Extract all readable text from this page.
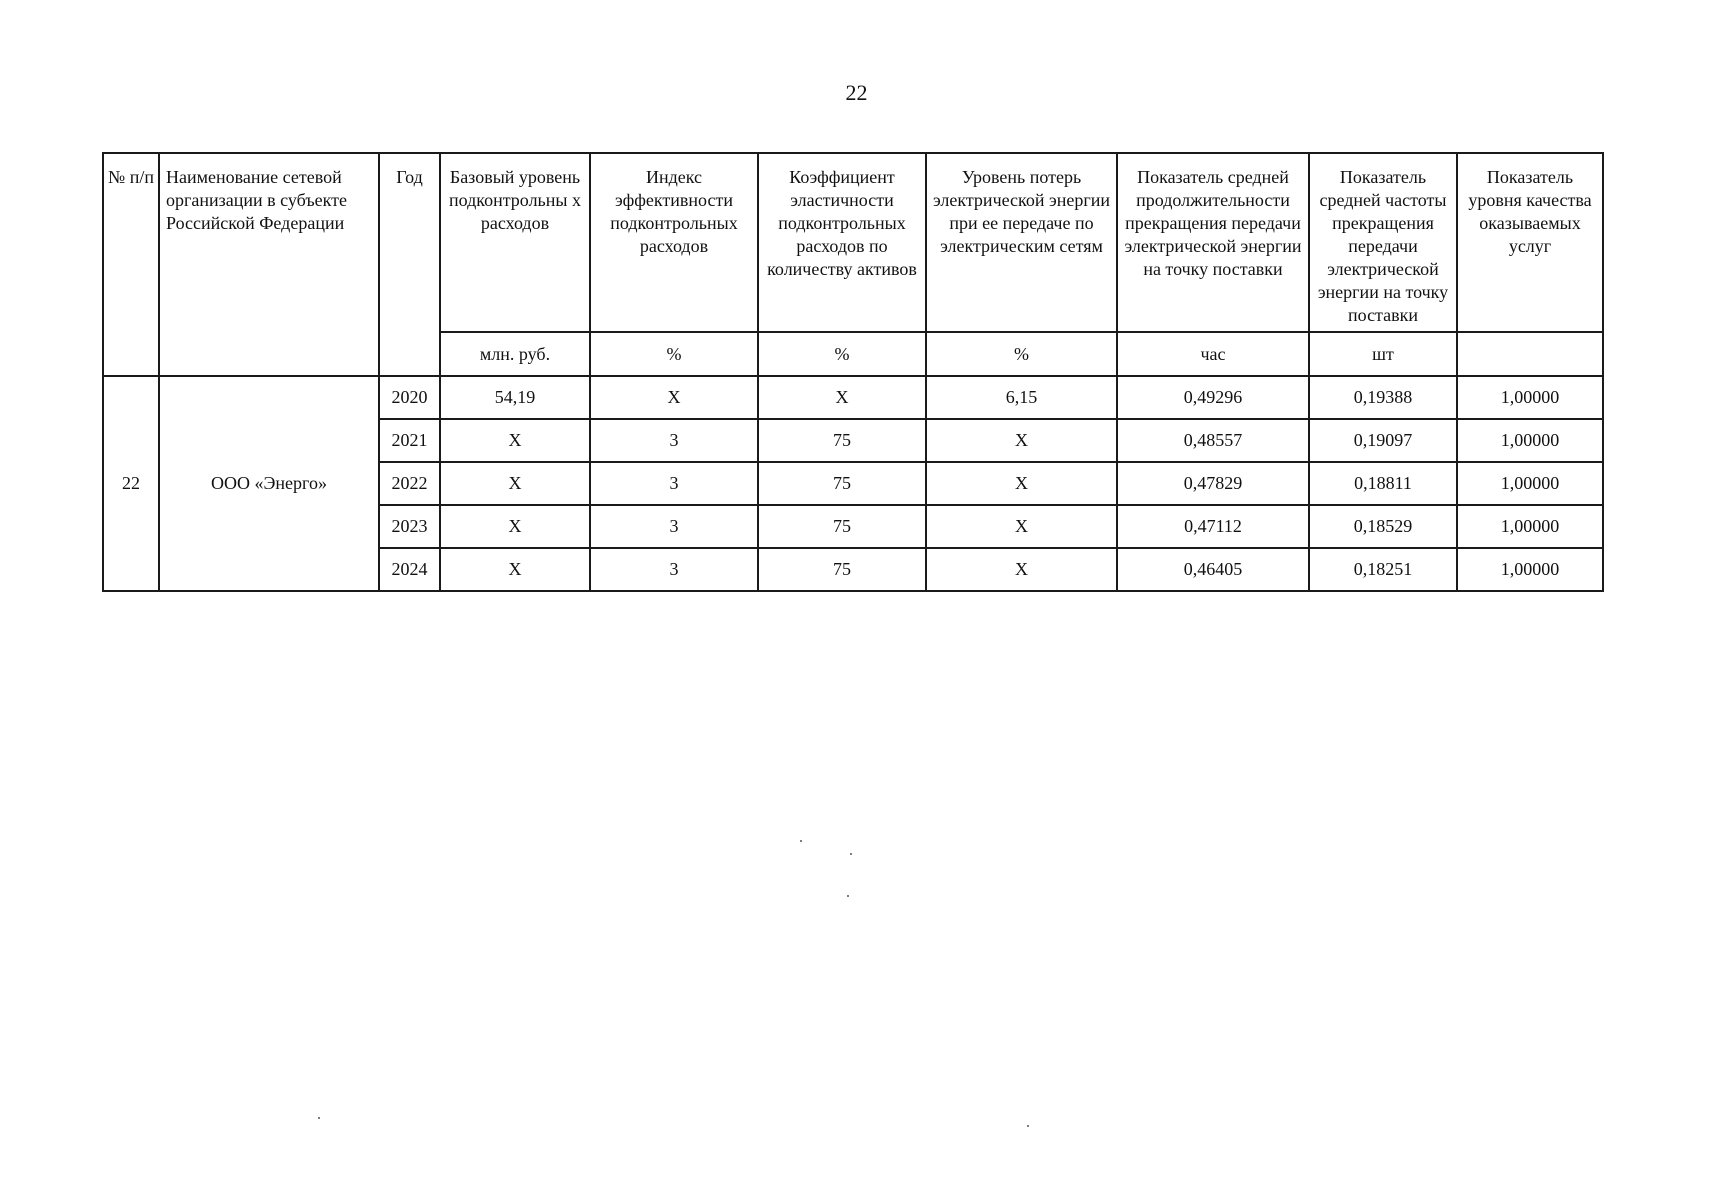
22
№ п/п	Наименование сетевой организации в субъекте Российской Федерации	Год	Базовый уровень подконтрольны х расходов	Индекс эффективности подконтрольных расходов	Коэффициент эластичности подконтрольных расходов по количеству активов	Уровень потерь электрической энергии при ее передаче по электрическим сетям	Показатель средней продолжительности прекращения передачи электрической энергии на точку поставки	Показатель средней частоты прекращения передачи электрической энергии на точку поставки	Показатель уровня качества оказываемых услуг
			млн. руб.	%	%	%	час	шт	
22	ООО «Энерго»	2020	54,19	X	X	6,15	0,49296	0,19388	1,00000
		2021	X	3	75	X	0,48557	0,19097	1,00000
		2022	X	3	75	X	0,47829	0,18811	1,00000
		2023	X	3	75	X	0,47112	0,18529	1,00000
		2024	X	3	75	X	0,46405	0,18251	1,00000
